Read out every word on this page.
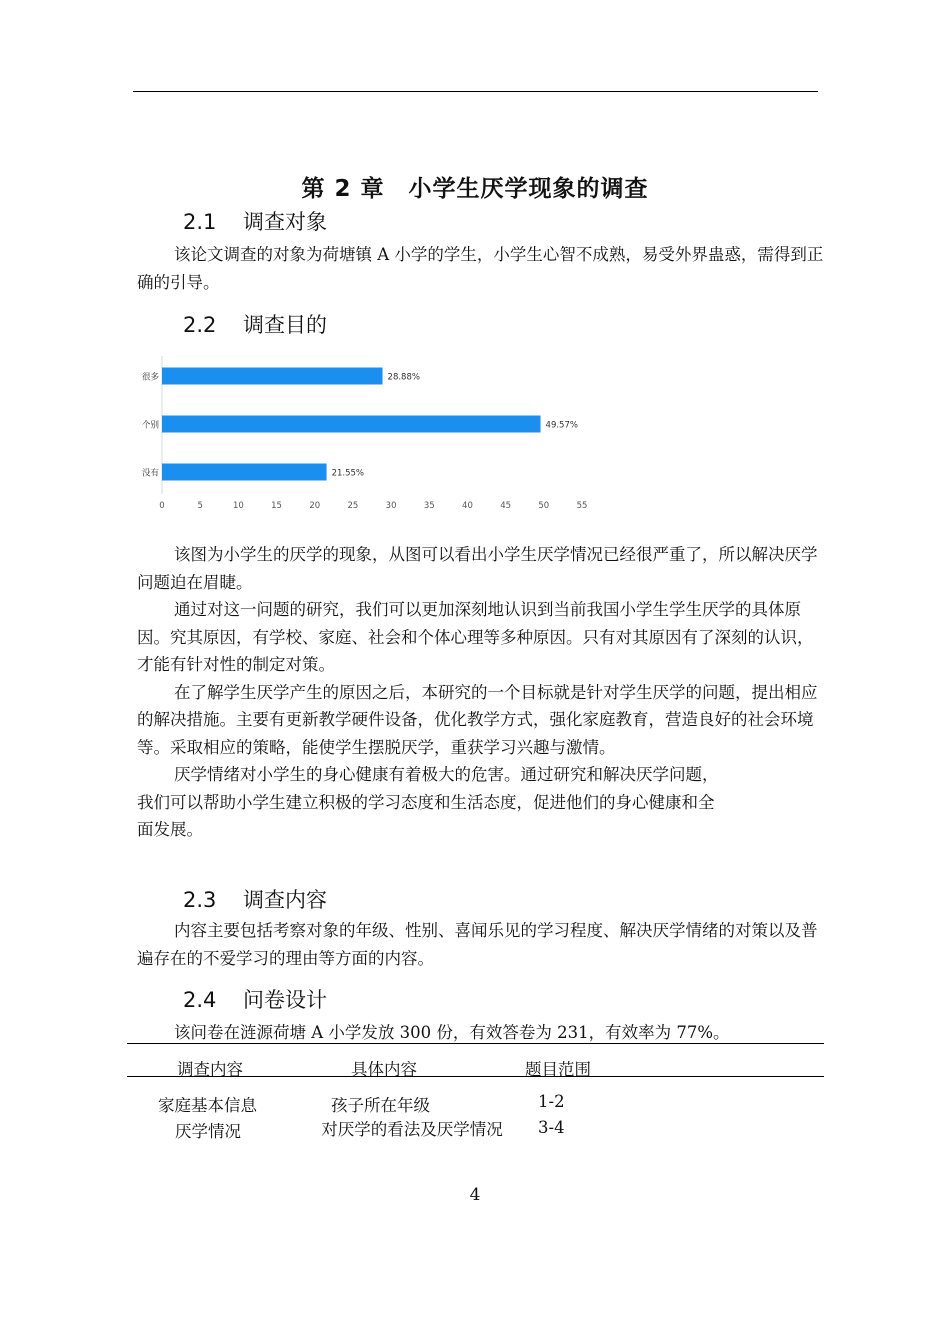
第 2 章　小学生厌学现象的调查
2.1 调查对象

该论文调查的对象为荷塘镇 A 小学的学生，小学生心智不成熟，易受外界蛊惑，需得到正确的引导。

2.2 调查目的
很多	28.88%
个别	49.57%
没有	21.55%
0	5	10	15	20	25	30	35	40	45	50	55

该图为小学生的厌学的现象，从图可以看出小学生厌学情况已经很严重了，所以解决厌学问题迫在眉睫。

通过对这一问题的研究，我们可以更加深刻地认识到当前我国小学生学生厌学的具体原因。究其原因，有学校、家庭、社会和个体心理等多种原因。只有对其原因有了深刻的认识，才能有针对性的制定对策。

在了解学生厌学产生的原因之后，本研究的一个目标就是针对学生厌学的问题，提出相应的解决措施。主要有更新教学硬件设备，优化教学方式，强化家庭教育，营造良好的社会环境等。采取相应的策略，能使学生摆脱厌学，重获学习兴趣与激情。

厌学情绪对小学生的身心健康有着极大的危害。通过研究和解决厌学问题，

我们可以帮助小学生建立积极的学习态度和生活态度，促进他们的身心健康和全

面发展。

2.3 调查内容

内容主要包括考察对象的年级、性别、喜闻乐见的学习程度、解决厌学情绪的对策以及普遍存在的不爱学习的理由等方面的内容。

2.4 问卷设计

该问卷在涟源荷塘 A 小学发放 300 份，有效答卷为 231，有效率为 77%。

调查内容	具体内容	题目范围
家庭基本信息	孩子所在年级	1-2
厌学情况	对厌学的看法及厌学情况	3-4
4
